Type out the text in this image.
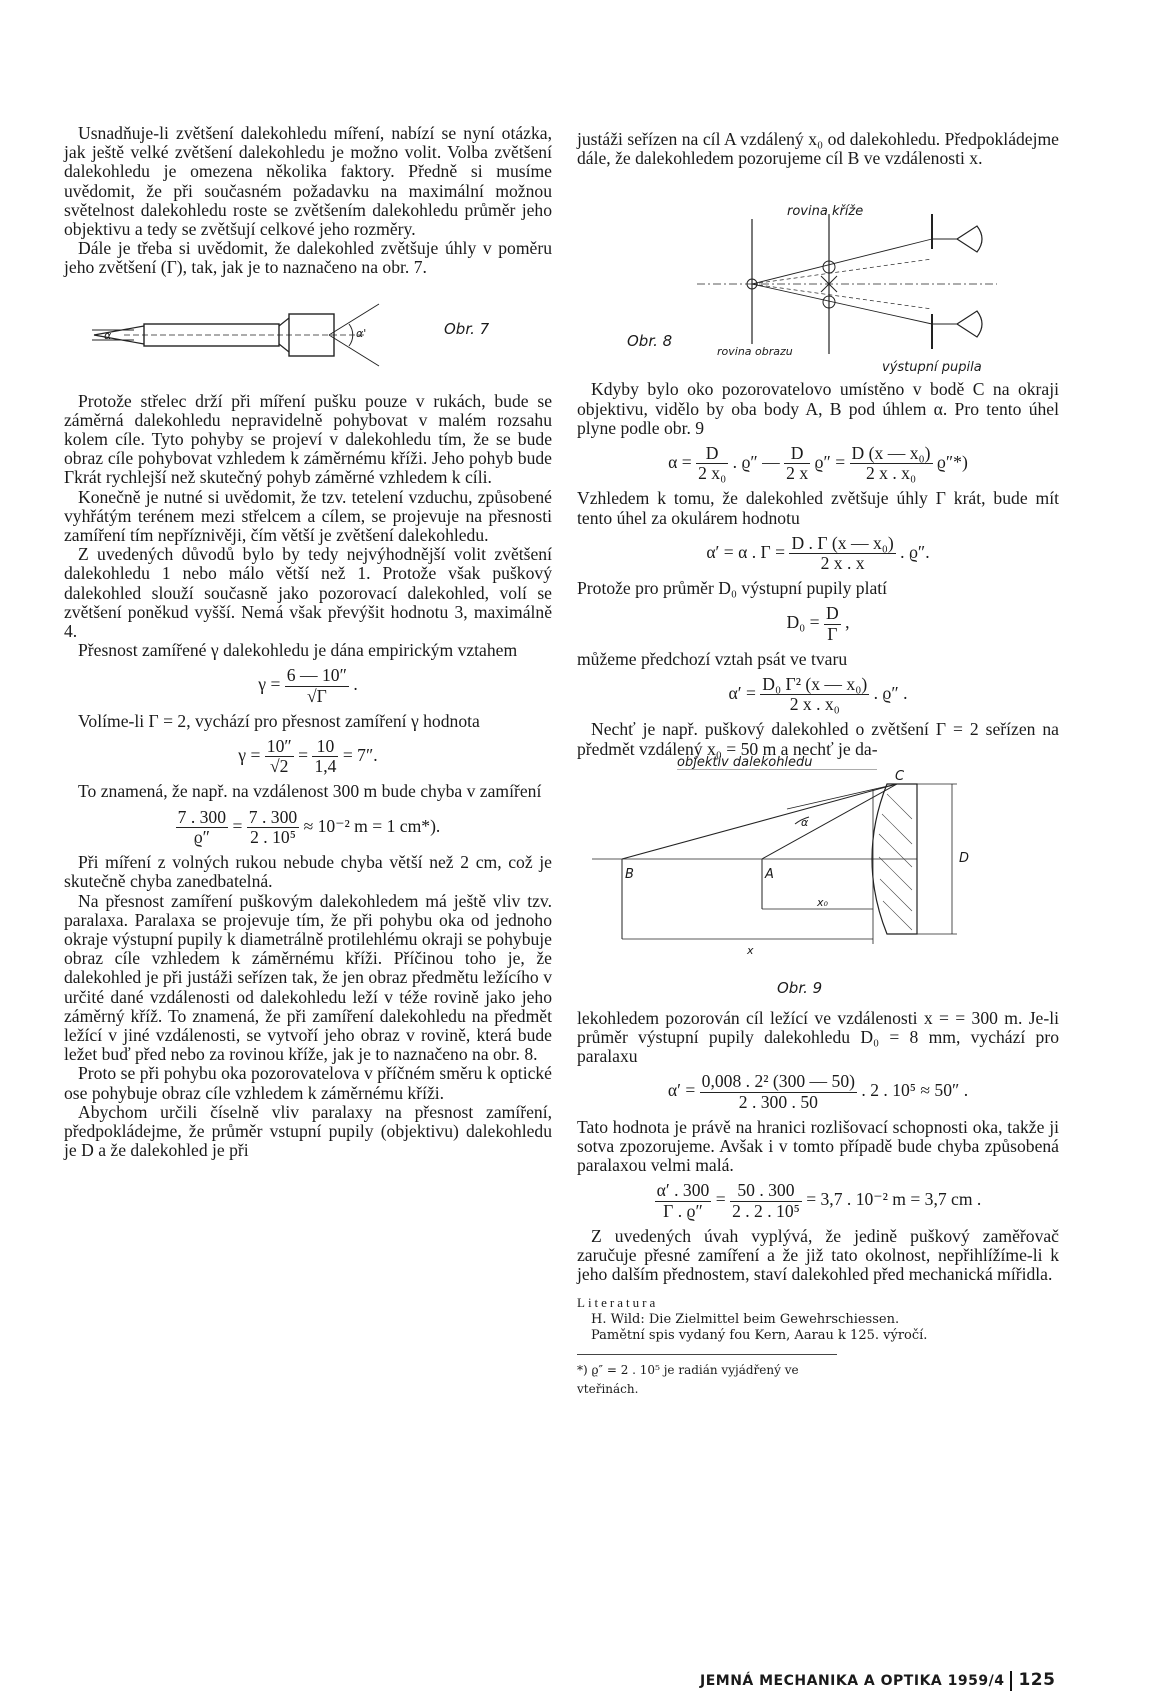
Usnadňuje-li zvětšení dalekohledu míření, nabízí se nyní otázka, jak ještě velké zvětšení dalekohledu je možno volit. Volba zvětšení dalekohledu je omezena několika faktory. Předně si musíme uvědomit, že při současném požadavku na maximální možnou světelnost dalekohledu roste se zvětšením dalekohledu průměr jeho objektivu a tedy se zvětšují celkové jeho rozměry.

Dále je třeba si uvědomit, že dalekohled zvětšuje úhly v poměru jeho zvětšení (Γ), tak, jak je to naznačeno na obr. 7.

α	α'	Obr. 7

Protože střelec drží při míření pušku pouze v rukách, bude se záměrná dalekohledu nepravidelně pohybovat v malém rozsahu kolem cíle. Tyto pohyby se projeví v dalekohledu tím, že se bude obraz cíle pohybovat vzhledem k záměrnému kříži. Jeho pohyb bude Γkrát rychlejší než skutečný pohyb záměrné vzhledem k cíli.

Konečně je nutné si uvědomit, že tzv. tetelení vzduchu, způsobené vyhřátým terénem mezi střelcem a cílem, se projevuje na přesnosti zamíření tím nepříznivěji, čím větší je zvětšení dalekohledu.

Z uvedených důvodů bylo by tedy nejvýhodnější volit zvětšení dalekohledu 1 nebo málo větší než 1. Protože však puškový dalekohled slouží současně jako pozorovací dalekohled, volí se zvětšení poněkud vyšší. Nemá však převýšit hodnotu 3, maximálně 4.

Přesnost zamířené γ dalekohledu je dána empirickým vztahem

$\gamma = \frac{6 — 10''}{√\Gamma}$ .

Volíme-li Γ = 2, vychází pro přesnost zamíření γ hodnota

$\gamma = \frac{10''}{√2} = \frac{10}{1,4} = 7''$.

To znamená, že např. na vzdálenost 300 m bude chyba v zamíření

$\frac{7 . 300}{ϱ''} = \frac{7 . 300}{\text{2 . 10⁵}} \approx 10^{-2}$ m = 1 cm*).

Při míření z volných rukou nebude chyba větší než 2 cm, což je skutečně chyba zanedbatelná.

Na přesnost zamíření puškovým dalekohledem má ještě vliv tzv. paralaxa. Paralaxa se projevuje tím, že při pohybu oka od jednoho okraje výstupní pupily k diametrálně protilehlému okraji se pohybuje obraz cíle vzhledem k záměrnému kříži. Příčinou toho je, že dalekohled je při justáži seřízen tak, že jen obraz předmětu ležícího v určité dané vzdálenosti od dalekohledu leží v téže rovině jako jeho záměrný kříž. To znamená, že při zamíření dalekohledu na předmět ležící v jiné vzdálenosti, se vytvoří jeho obraz v rovině, která bude ležet buď před nebo za rovinou kříže, jak je to naznačeno na obr. 8.

Proto se při pohybu oka pozorovatelova v příčném směru k optické ose pohybuje obraz cíle vzhledem k záměrnému kříži.

Abychom určili číselně vliv paralaxy na přesnost zamíření, předpokládejme, že průměr vstupní pupily (objektivu) dalekohledu je D a že dalekohled je při

justáži seřízen na cíl A vzdálený x₀ od dalekohledu. Předpokládejme dále, že dalekohledem pozorujeme cíl B ve vzdálenosti x.

rovina kříže
rovina obrazu
výstupní pupila
Obr. 8

Kdyby bylo oko pozorovatelovo umístěno v bodě C na okraji objektivu, vidělo by oba body A, B pod úhlem α. Pro tento úhel plyne podle obr. 9

$\alpha = \frac{D}{\text{2 x₀}}$ . ϱ″ — $\frac{D}{2 x} ϱ'' = \frac{\text{D (x — x₀)}}{\text{2 x . x₀}} ϱ''*$)

Vzhledem k tomu, že dalekohled zvětšuje úhly Γ krát, bude mít tento úhel za okulárem hodnotu

α′ = α . $\Gamma = \frac{\text{D . Γ (x — x₀)}}{2 x . x}$ . ϱ″.

Protože pro průměr D₀ výstupní pupily platí

$D_0 = \frac{D}{\Gamma}$ ,

můžeme předchozí vztah psát ve tvaru

$\alpha' = \frac{\text{D₀ Γ² (x — x₀)}}{\text{2 x . x₀}}$ . ϱ″ .

Nechť je např. puškový dalekohled o zvětšení Γ = 2 seřízen na předmět vzdálený x₀ = 50 m a nechť je da-

objektiv dalekohledu
C
α
B	A
D
x₀
x
Obr. 9

lekohledem pozorován cíl ležící ve vzdálenosti x = = 300 m. Je-li průměr výstupní pupily dalekohledu D₀ = 8 mm, vychází pro paralaxu

$\alpha' = \frac{\text{0,008 . 2² (300 — 50)}}{2 . 300 . 50}$ . 2 . 10⁵ ≈ 50″ .

Tato hodnota je právě na hranici rozlišovací schopnosti oka, takže ji sotva zpozorujeme. Avšak i v tomto případě bude chyba způsobená paralaxou velmi malá.

$\frac{\alpha' . 300}{\Gamma . ϱ''} = \frac{50 . 300}{\text{2 . 2 . 10⁵}} = 3,7$ . 10⁻² m = 3,7 cm .

Z uvedených úvah vyplývá, že jedině puškový zaměřovač zaručuje přesné zamíření a že již tato okolnost, nepřihlížíme-li k jeho dalším přednostem, staví dalekohled před mechanická mířidla.

Literatura

H. Wild: Die Zielmittel beim Gewehrschiessen.

Pamětní spis vydaný fou Kern, Aarau k 125. výročí.

*) ϱ″ = 2 . 10⁵ je radián vyjádřený ve vteřinách.
JEMNÁ MECHANIKA A OPTIKA 1959/4 125
